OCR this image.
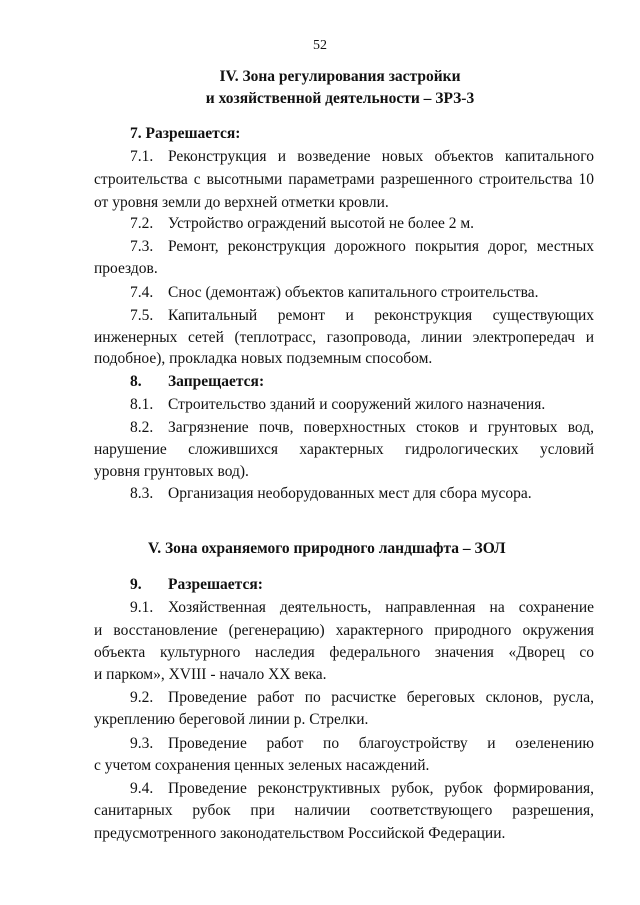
52
IV. Зона регулирования застройки
и хозяйственной деятельности – ЗРЗ-3
7. Разрешается:
7.1. Реконструкция и возведение новых объектов капитального
строительства с высотными параметрами разрешенного строительства 10
от уровня земли до верхней отметки кровли.
7.2. Устройство ограждений высотой не более 2 м.
7.3. Ремонт, реконструкция дорожного покрытия дорог, местных
проездов.
7.4. Снос (демонтаж) объектов капитального строительства.
7.5. Капитальный ремонт и реконструкция существующих
инженерных сетей (теплотрасс, газопровода, линии электропередач и
подобное), прокладка новых подземным способом.
8. Запрещается:
8.1. Строительство зданий и сооружений жилого назначения.
8.2. Загрязнение почв, поверхностных стоков и грунтовых вод,
нарушение сложившихся характерных гидрологических условий
уровня грунтовых вод).
8.3. Организация необорудованных мест для сбора мусора.
V. Зона охраняемого природного ландшафта – ЗОЛ
9. Разрешается:
9.1. Хозяйственная деятельность, направленная на сохранение
и восстановление (регенерацию) характерного природного окружения
объекта культурного наследия федерального значения «Дворец со
и парком», XVIII - начало XX века.
9.2. Проведение работ по расчистке береговых склонов, русла,
укреплению береговой линии р. Стрелки.
9.3. Проведение работ по благоустройству и озеленению
с учетом сохранения ценных зеленых насаждений.
9.4. Проведение реконструктивных рубок, рубок формирования,
санитарных рубок при наличии соответствующего разрешения,
предусмотренного законодательством Российской Федерации.
